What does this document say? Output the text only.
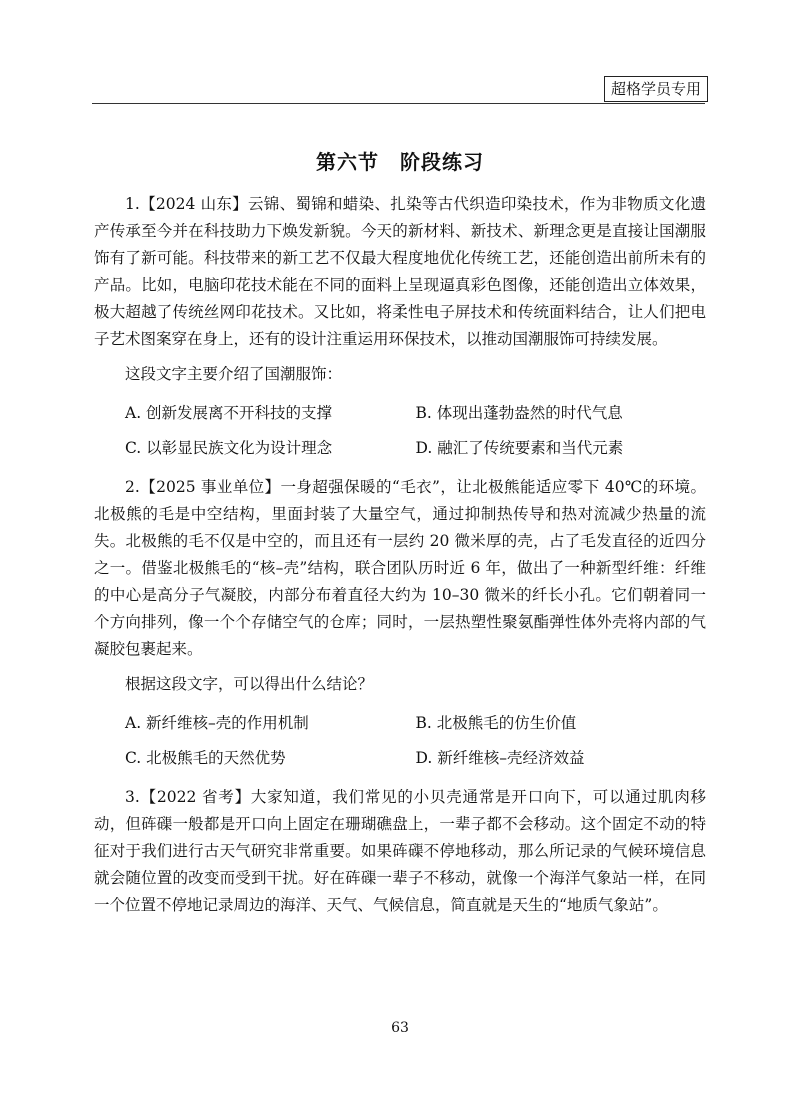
超格学员专用
第六节　阶段练习

1.【2024 山东】云锦、蜀锦和蜡染、扎染等古代织造印染技术，作为非物质文化遗产传承至今并在科技助力下焕发新貌。今天的新材料、新技术、新理念更是直接让国潮服饰有了新可能。科技带来的新工艺不仅最大程度地优化传统工艺，还能创造出前所未有的产品。比如，电脑印花技术能在不同的面料上呈现逼真彩色图像，还能创造出立体效果，极大超越了传统丝网印花技术。又比如，将柔性电子屏技术和传统面料结合，让人们把电子艺术图案穿在身上，还有的设计注重运用环保技术，以推动国潮服饰可持续发展。

这段文字主要介绍了国潮服饰：

A. 创新发展离不开科技的支撑	B. 体现出蓬勃盎然的时代气息
C. 以彰显民族文化为设计理念	D. 融汇了传统要素和当代元素

2.【2025 事业单位】一身超强保暖的“毛衣”，让北极熊能适应零下 40℃的环境。北极熊的毛是中空结构，里面封装了大量空气，通过抑制热传导和热对流减少热量的流失。北极熊的毛不仅是中空的，而且还有一层约 20 微米厚的壳，占了毛发直径的近四分之一。借鉴北极熊毛的“核–壳”结构，联合团队历时近 6 年，做出了一种新型纤维：纤维的中心是高分子气凝胶，内部分布着直径大约为 10–30 微米的纤长小孔。它们朝着同一个方向排列，像一个个存储空气的仓库；同时，一层热塑性聚氨酯弹性体外壳将内部的气凝胶包裹起来。

根据这段文字，可以得出什么结论？

A. 新纤维核–壳的作用机制	B. 北极熊毛的仿生价值
C. 北极熊毛的天然优势	D. 新纤维核–壳经济效益

3.【2022 省考】大家知道，我们常见的小贝壳通常是开口向下，可以通过肌肉移动，但砗磲一般都是开口向上固定在珊瑚礁盘上，一辈子都不会移动。这个固定不动的特征对于我们进行古天气研究非常重要。如果砗磲不停地移动，那么所记录的气候环境信息就会随位置的改变而受到干扰。好在砗磲一辈子不移动，就像一个海洋气象站一样，在同一个位置不停地记录周边的海洋、天气、气候信息，简直就是天生的“地质气象站”。

63
